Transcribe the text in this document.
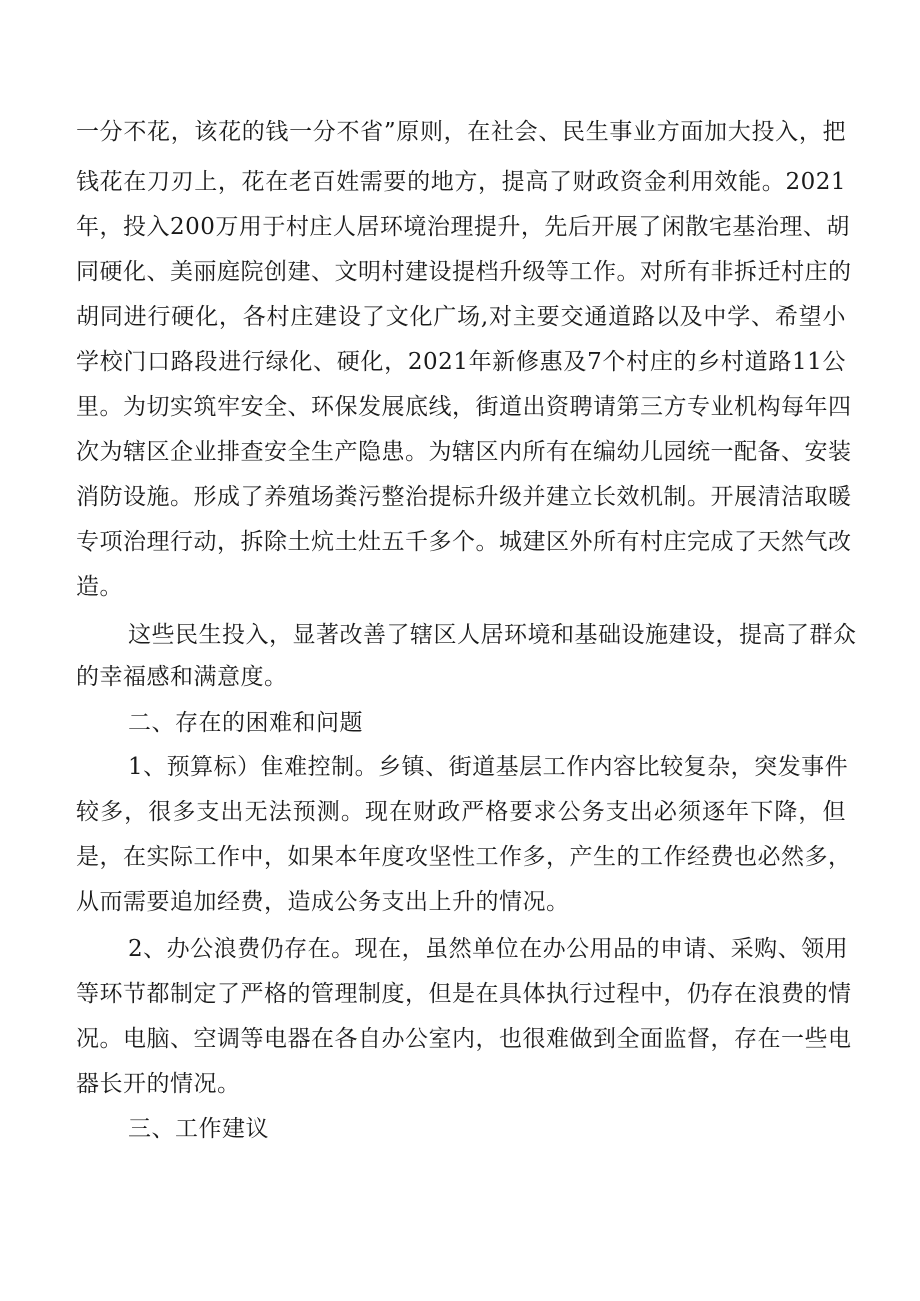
一分不花，该花的钱一分不省”原则，在社会、民生事业方面加大投入，把
钱花在刀刃上，花在老百姓需要的地方，提高了财政资金利用效能。2021
年，投入200万用于村庄人居环境治理提升，先后开展了闲散宅基治理、胡
同硬化、美丽庭院创建、文明村建设提档升级等工作。对所有非拆迁村庄的
胡同进行硬化，各村庄建设了文化广场,对主要交通道路以及中学、希望小
学校门口路段进行绿化、硬化，2021年新修惠及7个村庄的乡村道路11公
里。为切实筑牢安全、环保发展底线，街道出资聘请第三方专业机构每年四
次为辖区企业排查安全生产隐患。为辖区内所有在编幼儿园统一配备、安装
消防设施。形成了养殖场粪污整治提标升级并建立长效机制。开展清洁取暖
专项治理行动，拆除土炕土灶五千多个。城建区外所有村庄完成了天然气改
造。
这些民生投入，显著改善了辖区人居环境和基础设施建设，提高了群众
的幸福感和满意度。
二、存在的困难和问题
1、预算标）隹难控制。乡镇、街道基层工作内容比较复杂，突发事件
较多，很多支出无法预测。现在财政严格要求公务支出必须逐年下降，但
是，在实际工作中，如果本年度攻坚性工作多，产生的工作经费也必然多，
从而需要追加经费，造成公务支出上升的情况。
2、办公浪费仍存在。现在，虽然单位在办公用品的申请、采购、领用
等环节都制定了严格的管理制度，但是在具体执行过程中，仍存在浪费的情
况。电脑、空调等电器在各自办公室内，也很难做到全面监督，存在一些电
器长开的情况。
三、工作建议
